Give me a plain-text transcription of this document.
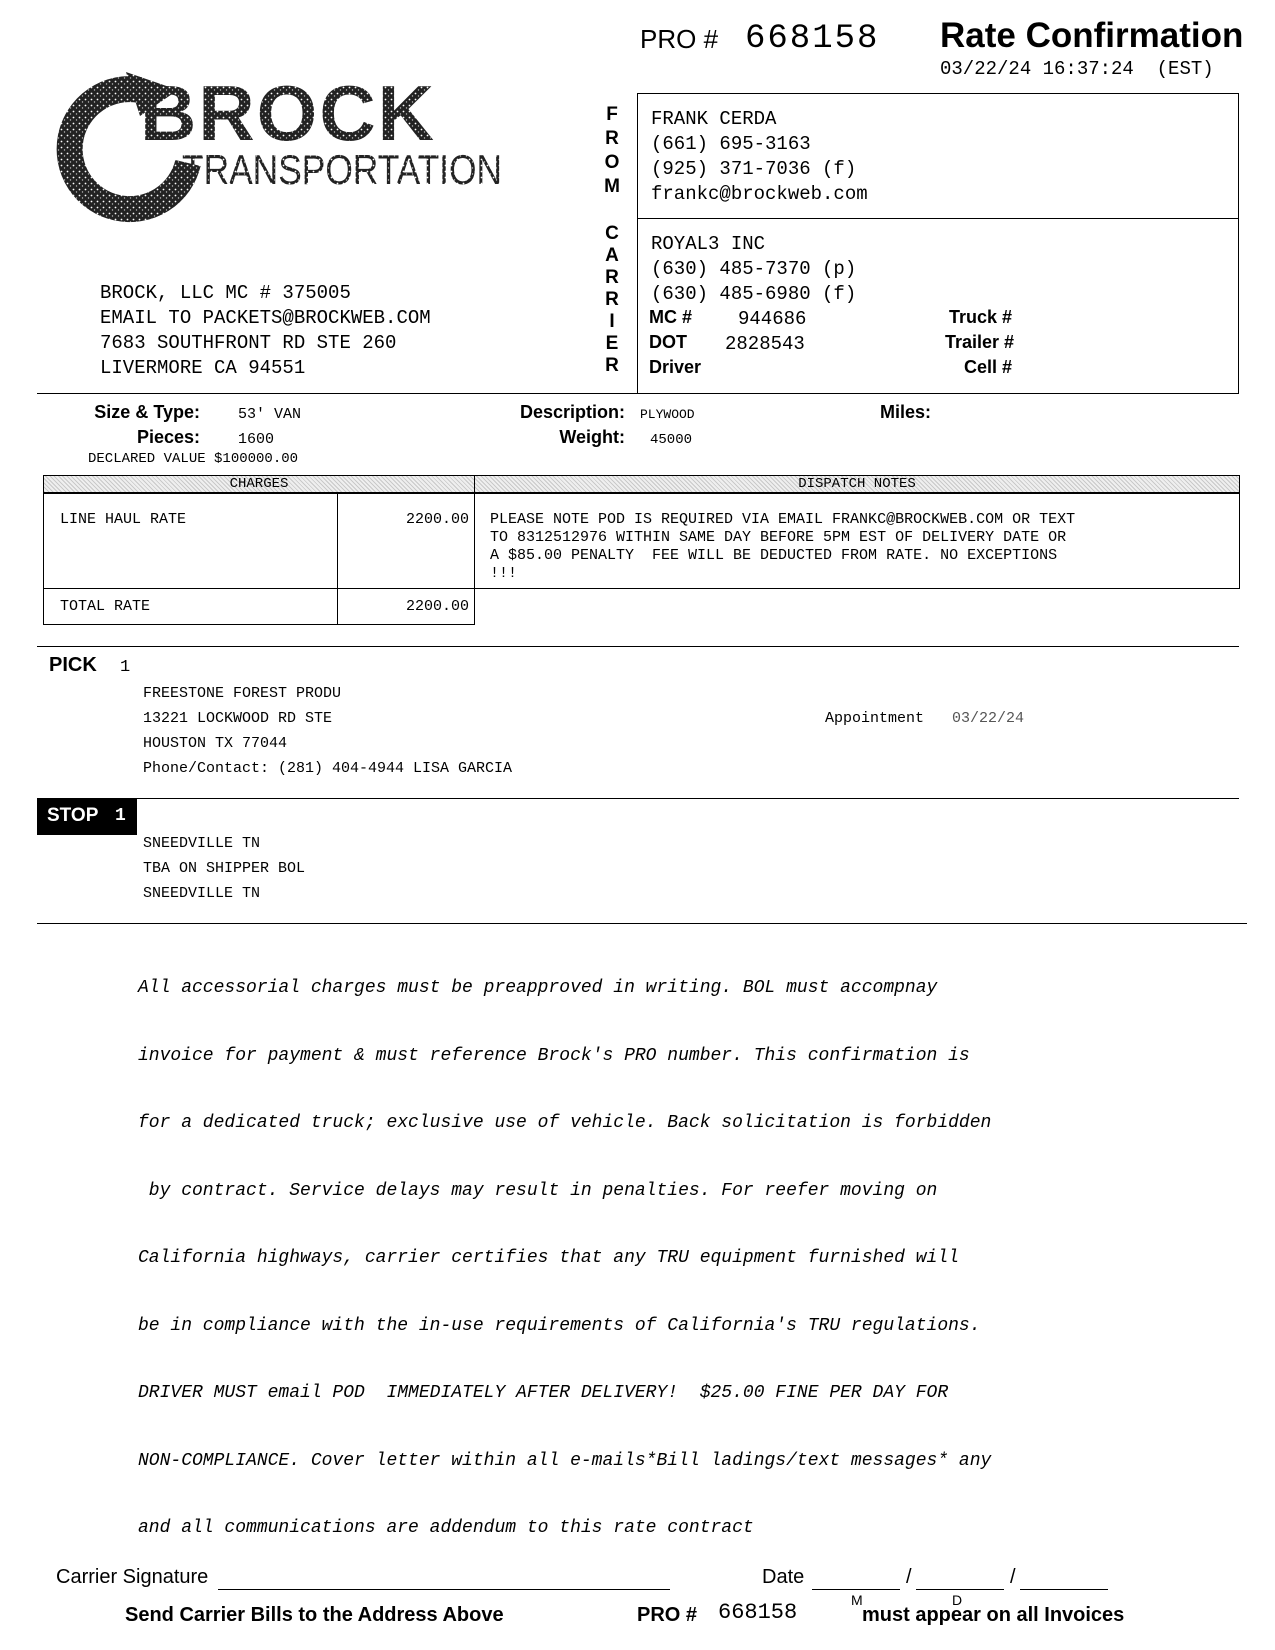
PRO # 668158 Rate Confirmation
03/22/24 16:37:24  (EST)
BROCK
TRANSPORTATION
BROCK, LLC MC # 375005
EMAIL TO PACKETS@BROCKWEB.COM
7683 SOUTHFRONT RD STE 260
LIVERMORE CA 94551
F
R
O
M
C
A
R
R
I
E
R
FRANK CERDA
(661) 695-3163
(925) 371-7036 (f)
frankc@brockweb.com
ROYAL3 INC
(630) 485-7370 (p)
(630) 485-6980 (f)
MC # 944686
DOT 2828543
Driver
Truck #
Trailer #
Cell #
Size & Type:	53' VAN
Pieces:	1600
DECLARED VALUE $100000.00
Description: PLYWOOD
Weight: 45000
Miles:
CHARGES	DISPATCH NOTES
LINE HAUL RATE	2200.00 PLEASE NOTE POD IS REQUIRED VIA EMAIL FRANKC@BROCKWEB.COM OR TEXT
TO 8312512976 WITHIN SAME DAY BEFORE 5PM EST OF DELIVERY DATE OR
A $85.00 PENALTY  FEE WILL BE DEDUCTED FROM RATE. NO EXCEPTIONS
!!!
TOTAL RATE	2200.00
PICK 1
FREESTONE FOREST PRODU
13221 LOCKWOOD RD STE
HOUSTON TX 77044
Phone/Contact: (281) 404-4944 LISA GARCIA
Appointment 03/22/24
STOP 1
SNEEDVILLE TN
TBA ON SHIPPER BOL
SNEEDVILLE TN

All accessorial charges must be preapproved in writing. BOL must accompnay

invoice for payment & must reference Brock's PRO number. This confirmation is

for a dedicated truck; exclusive use of vehicle. Back solicitation is forbidden

by contract. Service delays may result in penalties. For reefer moving on

California highways, carrier certifies that any TRU equipment furnished will

be in compliance with the in-use requirements of California's TRU regulations.

DRIVER MUST email POD  IMMEDIATELY AFTER DELIVERY!  $25.00 FINE PER DAY FOR

NON-COMPLIANCE. Cover letter within all e-mails*Bill ladings/text messages* any

and all communications are addendum to this rate contract

Carrier Signature	Date	/	/
M	D
Send Carrier Bills to the Address Above	PRO # 668158	must appear on all Invoices
